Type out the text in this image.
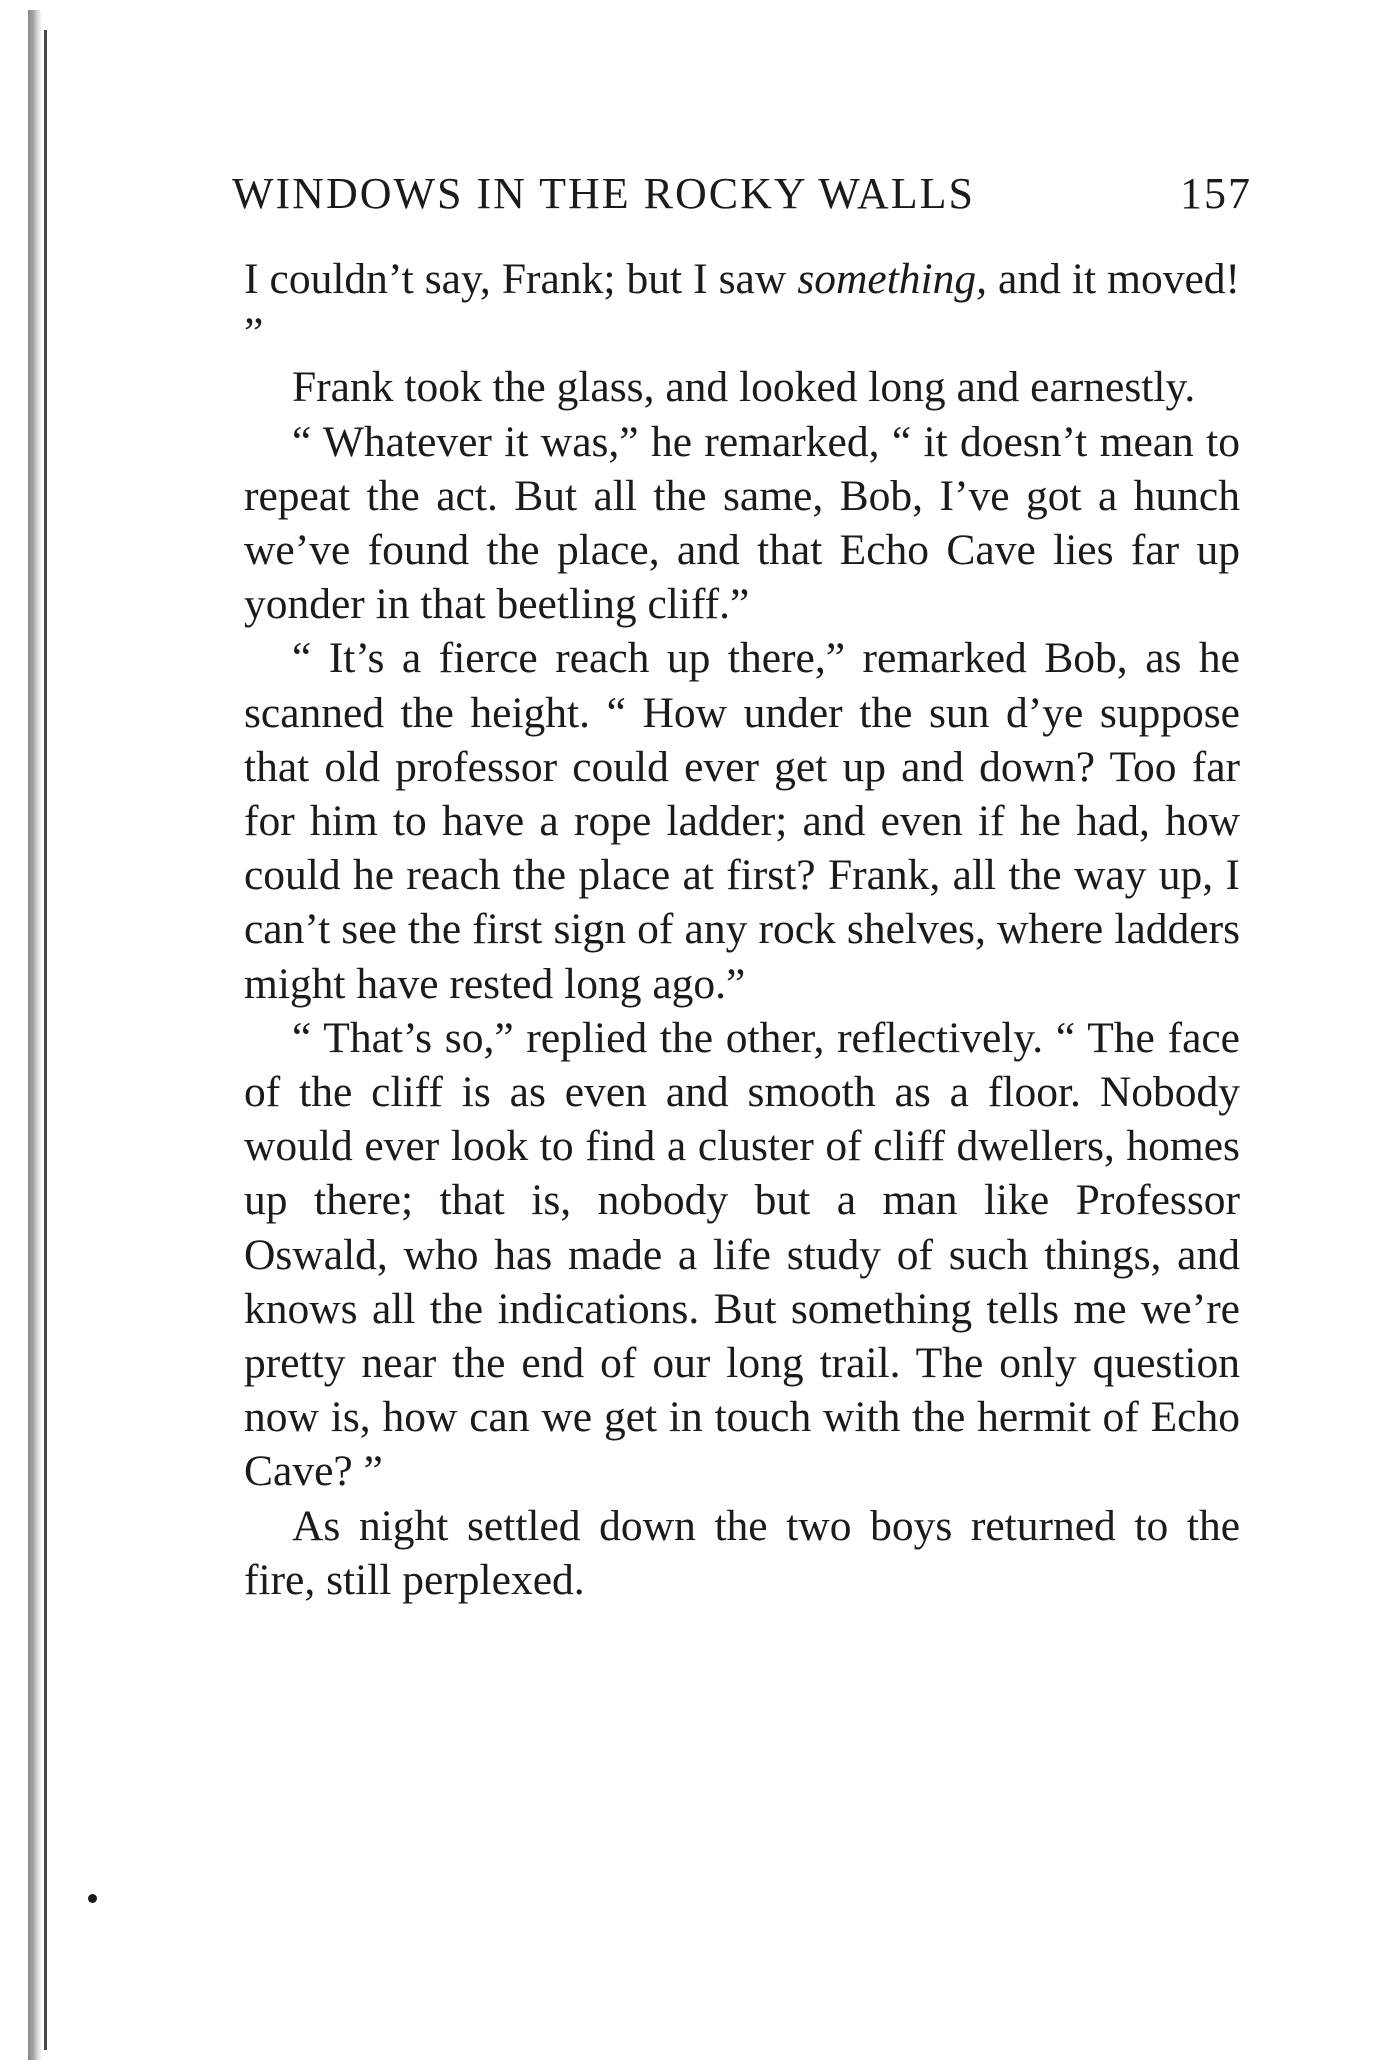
WINDOWS IN THE ROCKY WALLS	157

I couldn’t say, Frank; but I saw something, and it moved! ”

Frank took the glass, and looked long and earnestly.

“ Whatever it was,” he remarked, “ it doesn’t mean to repeat the act. But all the same, Bob, I’ve got a hunch we’ve found the place, and that Echo Cave lies far up yonder in that beetling cliff.”

“ It’s a fierce reach up there,” remarked Bob, as he scanned the height. “ How under the sun d’ye suppose that old professor could ever get up and down? Too far for him to have a rope ladder; and even if he had, how could he reach the place at first? Frank, all the way up, I can’t see the first sign of any rock shelves, where ladders might have rested long ago.”

“ That’s so,” replied the other, reflectively. “ The face of the cliff is as even and smooth as a floor. Nobody would ever look to find a cluster of cliff dwellers, homes up there; that is, nobody but a man like Professor Oswald, who has made a life study of such things, and knows all the indications. But something tells me we’re pretty near the end of our long trail. The only question now is, how can we get in touch with the hermit of Echo Cave? ”

As night settled down the two boys returned to the fire, still perplexed.
